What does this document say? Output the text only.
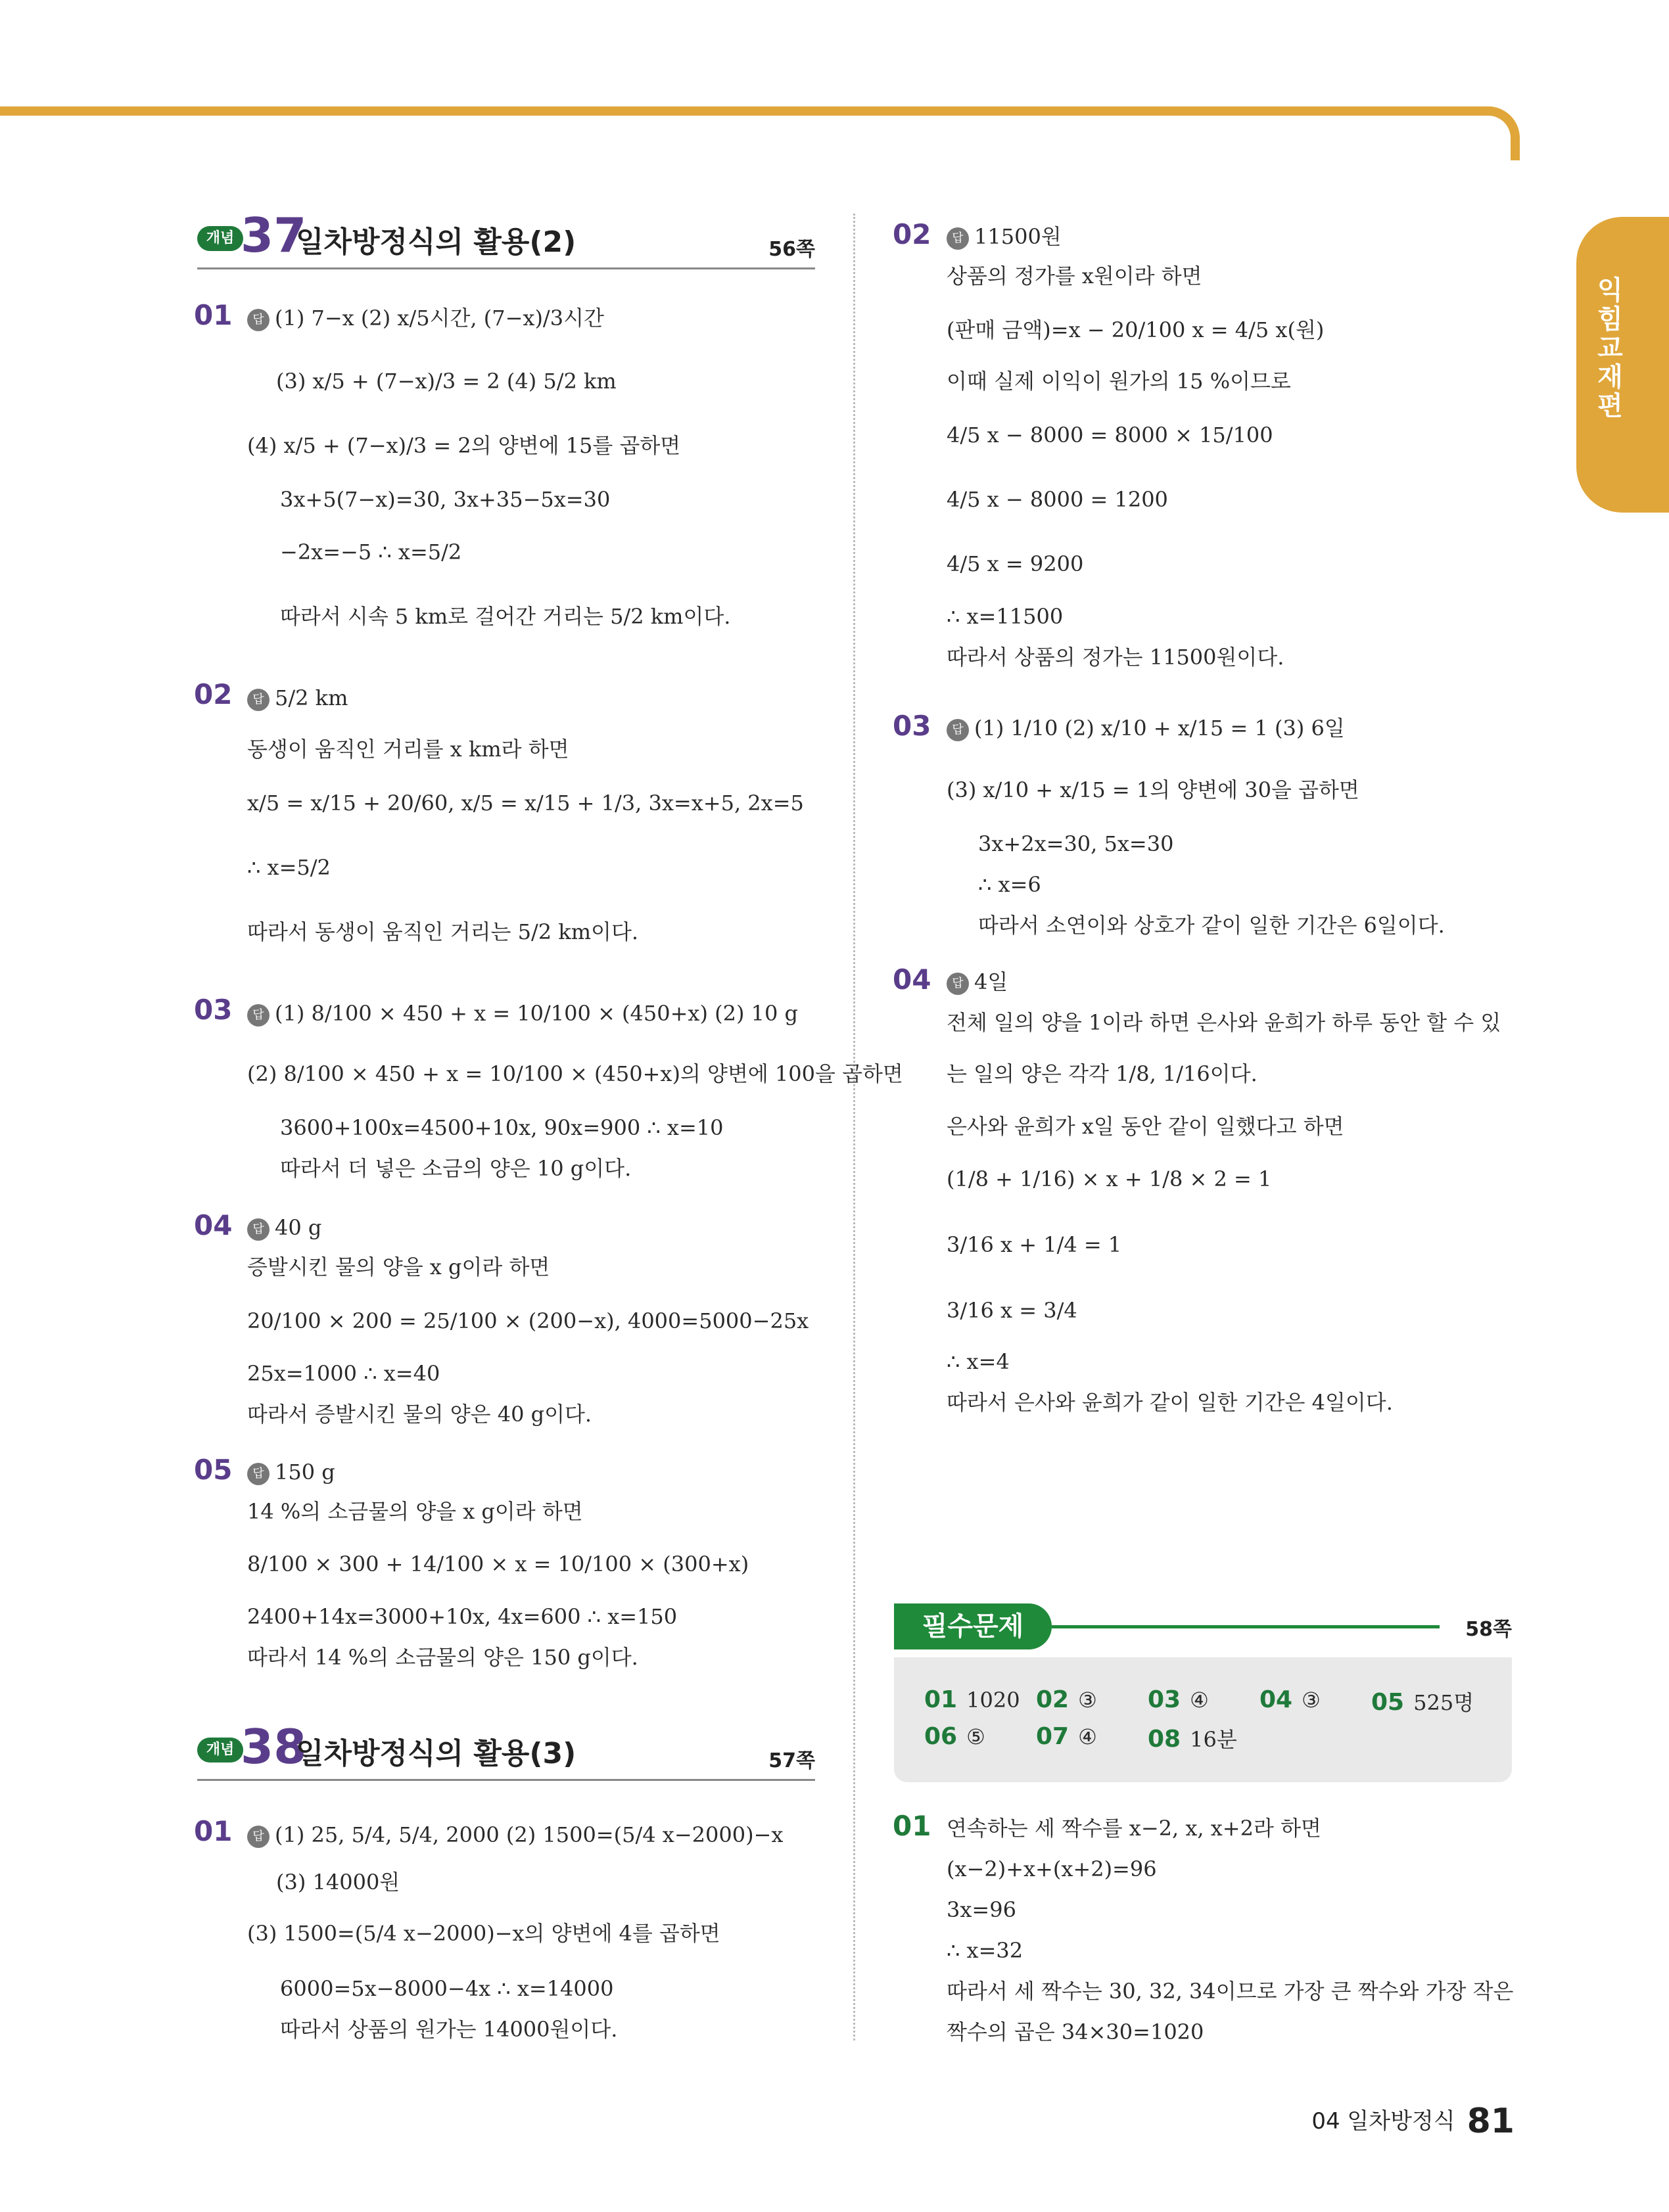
익힘교재편
개념 37
일차방정식의 활용(2)	56쪽
01	답 (1) 7−x (2) x/5시간, (7−x)/3시간
(3) x/5 + (7−x)/3 = 2 (4) 5/2 km
(4) x/5 + (7−x)/3 = 2의 양변에 15를 곱하면
3x+5(7−x)=30, 3x+35−5x=30
−2x=−5 ∴ x=5/2
따라서 시속 5 km로 걸어간 거리는 5/2 km이다.
02	답 5/2 km
동생이 움직인 거리를 x km라 하면
x/5 = x/15 + 20/60, x/5 = x/15 + 1/3, 3x=x+5, 2x=5
∴ x=5/2
따라서 동생이 움직인 거리는 5/2 km이다.
03	답 (1) 8/100 × 450 + x = 10/100 × (450+x) (2) 10 g
(2) 8/100 × 450 + x = 10/100 × (450+x)의 양변에 100을 곱하면
3600+100x=4500+10x, 90x=900 ∴ x=10
따라서 더 넣은 소금의 양은 10 g이다.
04	답 40 g
증발시킨 물의 양을 x g이라 하면
20/100 × 200 = 25/100 × (200−x), 4000=5000−25x
25x=1000 ∴ x=40
따라서 증발시킨 물의 양은 40 g이다.
05	답 150 g
14 %의 소금물의 양을 x g이라 하면
8/100 × 300 + 14/100 × x = 10/100 × (300+x)
2400+14x=3000+10x, 4x=600 ∴ x=150
따라서 14 %의 소금물의 양은 150 g이다.
개념 38
일차방정식의 활용(3)	57쪽
01	답 (1) 25, 5/4, 5/4, 2000 (2) 1500=(5/4 x−2000)−x
(3) 14000원
(3) 1500=(5/4 x−2000)−x의 양변에 4를 곱하면
6000=5x−8000−4x ∴ x=14000
따라서 상품의 원가는 14000원이다.
02	답 11500원
상품의 정가를 x원이라 하면
(판매 금액)=x − 20/100 x = 4/5 x(원)
이때 실제 이익이 원가의 15 %이므로
4/5 x − 8000 = 8000 × 15/100
4/5 x − 8000 = 1200
4/5 x = 9200
∴ x=11500
따라서 상품의 정가는 11500원이다.
03	답 (1) 1/10 (2) x/10 + x/15 = 1 (3) 6일
(3) x/10 + x/15 = 1의 양변에 30을 곱하면
3x+2x=30, 5x=30
∴ x=6
따라서 소연이와 상호가 같이 일한 기간은 6일이다.
04	답 4일
전체 일의 양을 1이라 하면 은사와 윤희가 하루 동안 할 수 있
는 일의 양은 각각 1/8, 1/16이다.
은사와 윤희가 x일 동안 같이 일했다고 하면
(1/8 + 1/16) × x + 1/8 × 2 = 1
3/16 x + 1/4 = 1
3/16 x = 3/4
∴ x=4
따라서 은사와 윤희가 같이 일한 기간은 4일이다.
필수문제	58쪽
01 1020 02 ③ 03 ④ 04 ③ 05 525명
06 ⑤ 07 ④ 08 16분
01 연속하는 세 짝수를 x−2, x, x+2라 하면
(x−2)+x+(x+2)=96
3x=96
∴ x=32
따라서 세 짝수는 30, 32, 34이므로 가장 큰 짝수와 가장 작은
짝수의 곱은 34×30=1020
04 일차방정식 81
